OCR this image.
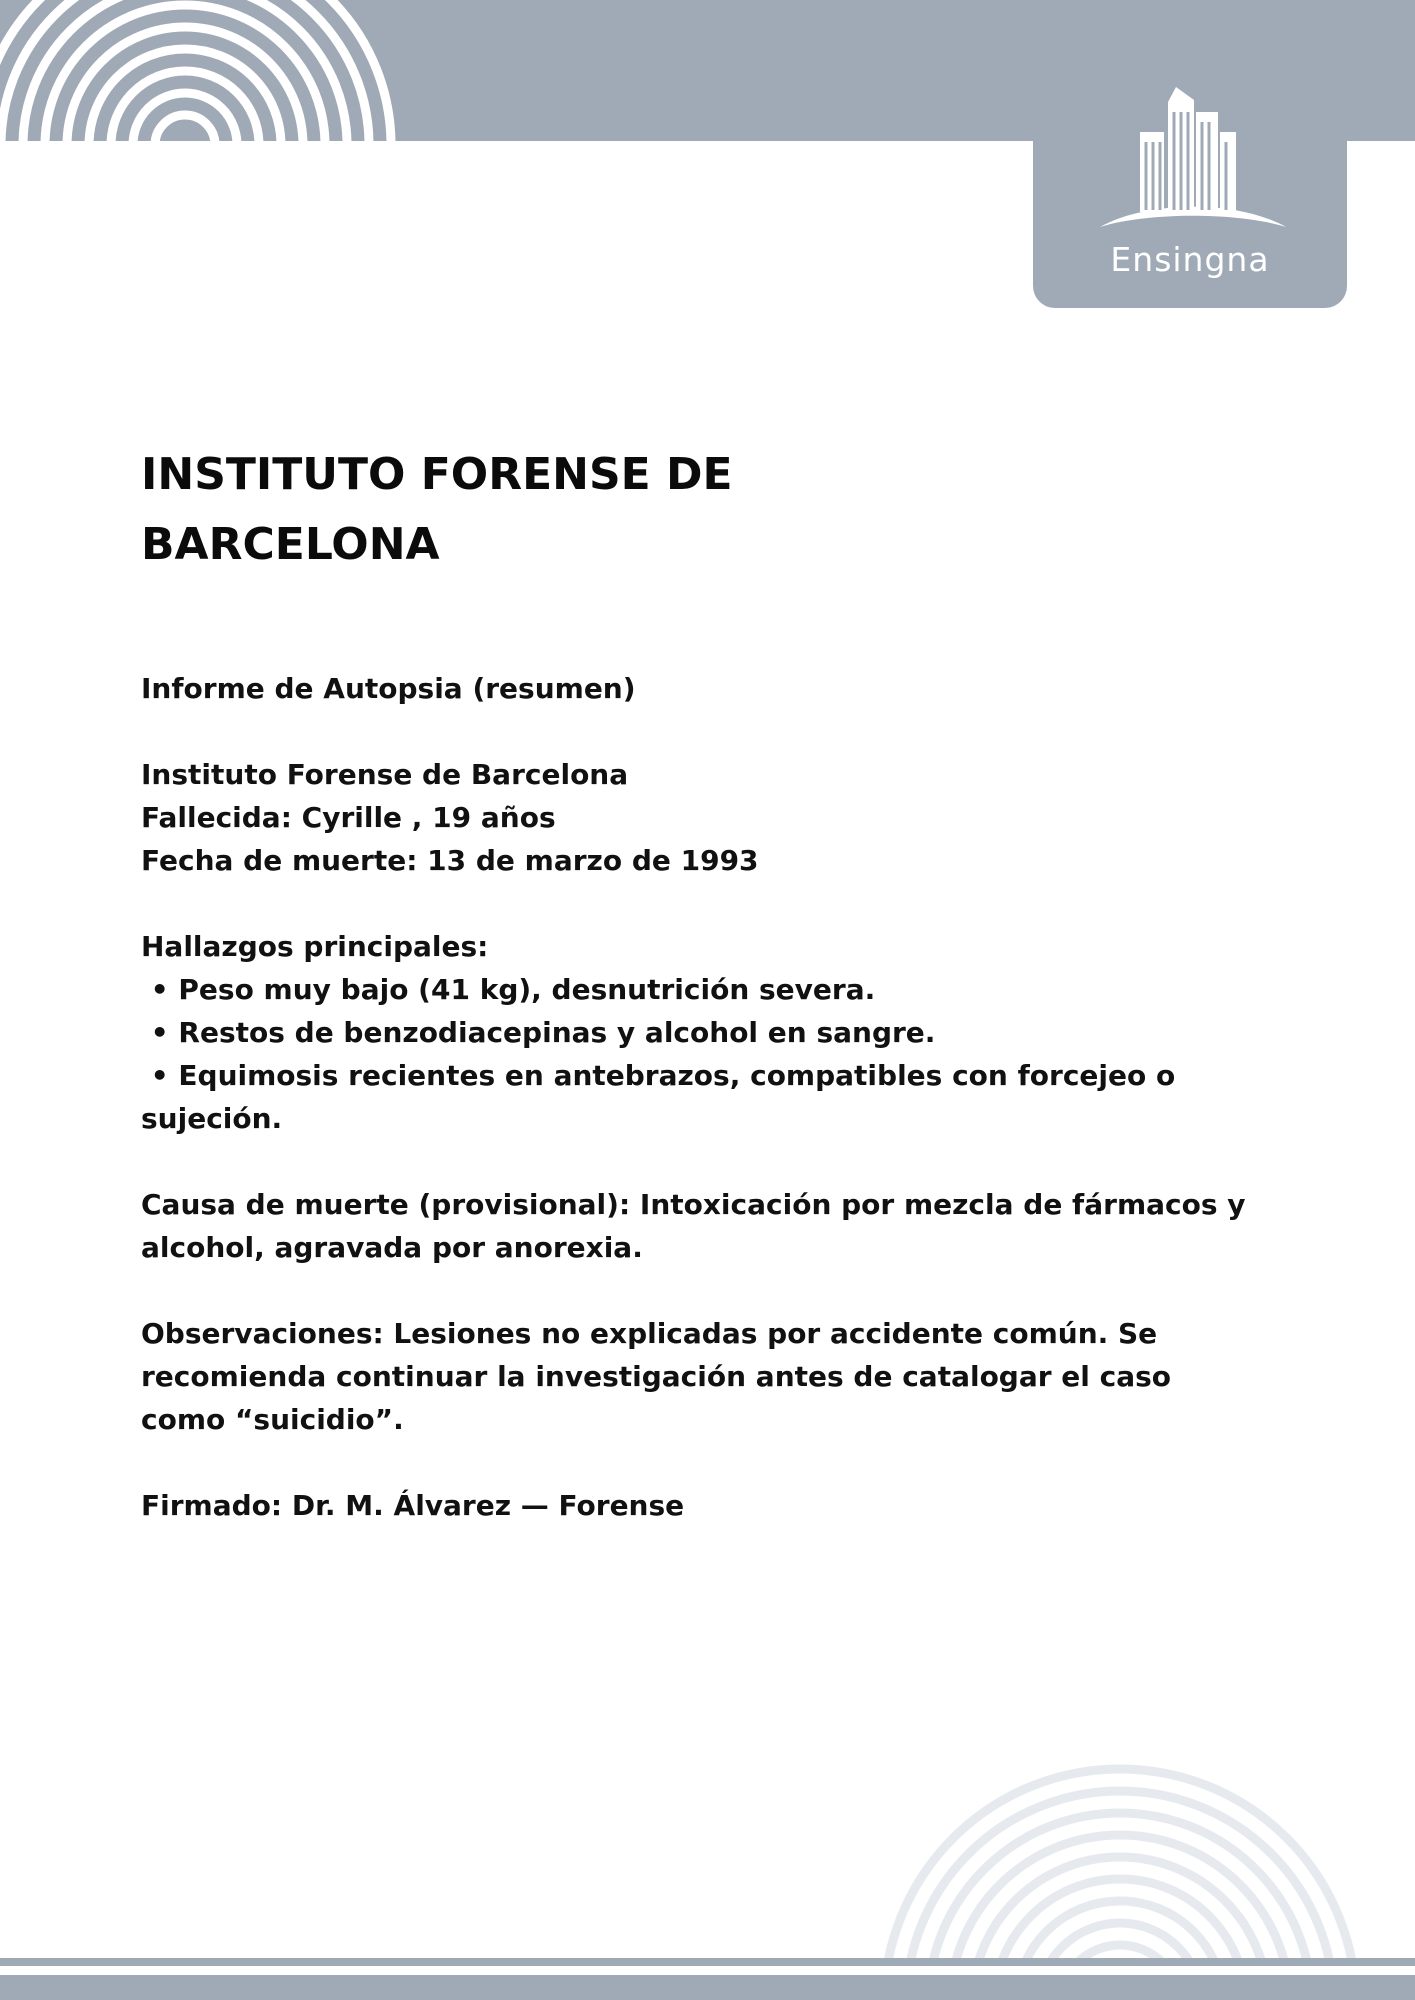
Ensingna
INSTITUTO FORENSE DE
BARCELONA

Informe de Autopsia (resumen)

Instituto Forense de Barcelona

Fallecida: Cyrille , 19 años

Fecha de muerte: 13 de marzo de 1993

Hallazgos principales:

• Peso muy bajo (41 kg), desnutrición severa.

• Restos de benzodiacepinas y alcohol en sangre.

• Equimosis recientes en antebrazos, compatibles con forcejeo o sujeción.

Causa de muerte (provisional): Intoxicación por mezcla de fármacos y alcohol, agravada por anorexia.

Observaciones: Lesiones no explicadas por accidente común. Se recomienda continuar la investigación antes de catalogar el caso como “suicidio”.

Firmado: Dr. M. Álvarez — Forense
